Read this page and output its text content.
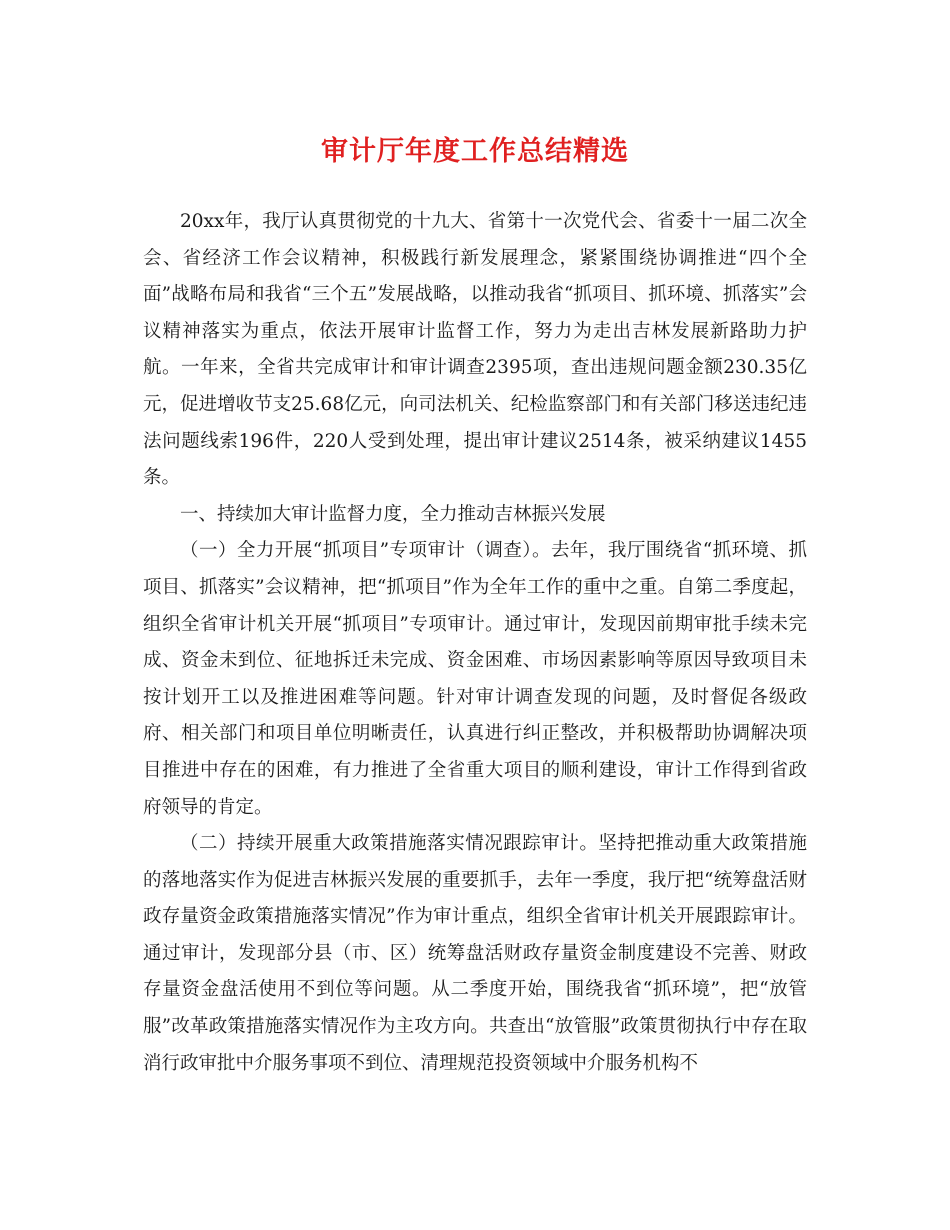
审计厅年度工作总结精选

20xx年，我厅认真贯彻党的十九大、省第十一次党代会、省委十一届二次全会、省经济工作会议精神，积极践行新发展理念，紧紧围绕协调推进“四个全面”战略布局和我省“三个五”发展战略，以推动我省“抓项目、抓环境、抓落实”会议精神落实为重点，依法开展审计监督工作，努力为走出吉林发展新路助力护航。一年来，全省共完成审计和审计调查2395项，查出违规问题金额230.35亿元，促进增收节支25.68亿元，向司法机关、纪检监察部门和有关部门移送违纪违法问题线索196件，220人受到处理，提出审计建议2514条，被采纳建议1455条。

一、持续加大审计监督力度，全力推动吉林振兴发展

（一）全力开展“抓项目”专项审计（调查）。去年，我厅围绕省“抓环境、抓项目、抓落实”会议精神，把“抓项目”作为全年工作的重中之重。自第二季度起，组织全省审计机关开展“抓项目”专项审计。通过审计，发现因前期审批手续未完成、资金未到位、征地拆迁未完成、资金困难、市场因素影响等原因导致项目未按计划开工以及推进困难等问题。针对审计调查发现的问题，及时督促各级政府、相关部门和项目单位明晰责任，认真进行纠正整改，并积极帮助协调解决项目推进中存在的困难，有力推进了全省重大项目的顺利建设，审计工作得到省政府领导的肯定。

（二）持续开展重大政策措施落实情况跟踪审计。坚持把推动重大政策措施的落地落实作为促进吉林振兴发展的重要抓手，去年一季度，我厅把“统筹盘活财政存量资金政策措施落实情况”作为审计重点，组织全省审计机关开展跟踪审计。通过审计，发现部分县（市、区）统筹盘活财政存量资金制度建设不完善、财政存量资金盘活使用不到位等问题。从二季度开始，围绕我省“抓环境”，把“放管服”改革政策措施落实情况作为主攻方向。共查出“放管服”政策贯彻执行中存在取消行政审批中介服务事项不到位、清理规范投资领域中介服务机构不
